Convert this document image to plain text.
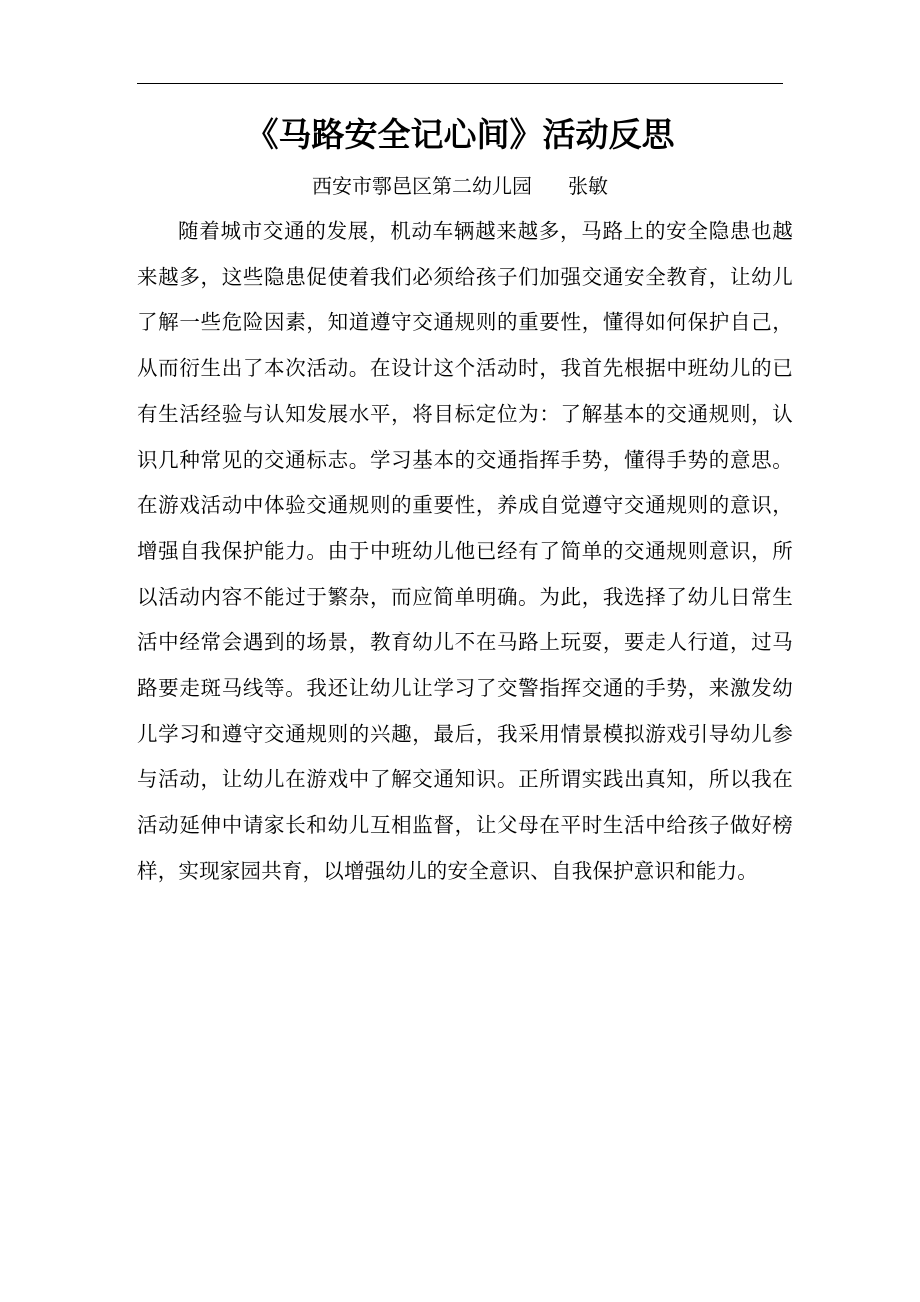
《马路安全记心间》活动反思
西安市鄠邑区第二幼儿园 张敏

随着城市交通的发展，机动车辆越来越多，马路上的安全隐患也越来越多，这些隐患促使着我们必须给孩子们加强交通安全教育，让幼儿了解一些危险因素，知道遵守交通规则的重要性，懂得如何保护自己，从而衍生出了本次活动。在设计这个活动时，我首先根据中班幼儿的已有生活经验与认知发展水平，将目标定位为：了解基本的交通规则，认识几种常见的交通标志。学习基本的交通指挥手势，懂得手势的意思。在游戏活动中体验交通规则的重要性，养成自觉遵守交通规则的意识，增强自我保护能力。由于中班幼儿他已经有了简单的交通规则意识，所以活动内容不能过于繁杂，而应简单明确。为此，我选择了幼儿日常生活中经常会遇到的场景，教育幼儿不在马路上玩耍，要走人行道，过马路要走斑马线等。我还让幼儿让学习了交警指挥交通的手势，来激发幼儿学习和遵守交通规则的兴趣，最后，我采用情景模拟游戏引导幼儿参与活动，让幼儿在游戏中了解交通知识。正所谓实践出真知，所以我在活动延伸中请家长和幼儿互相监督，让父母在平时生活中给孩子做好榜样，实现家园共育，以增强幼儿的安全意识、自我保护意识和能力。
